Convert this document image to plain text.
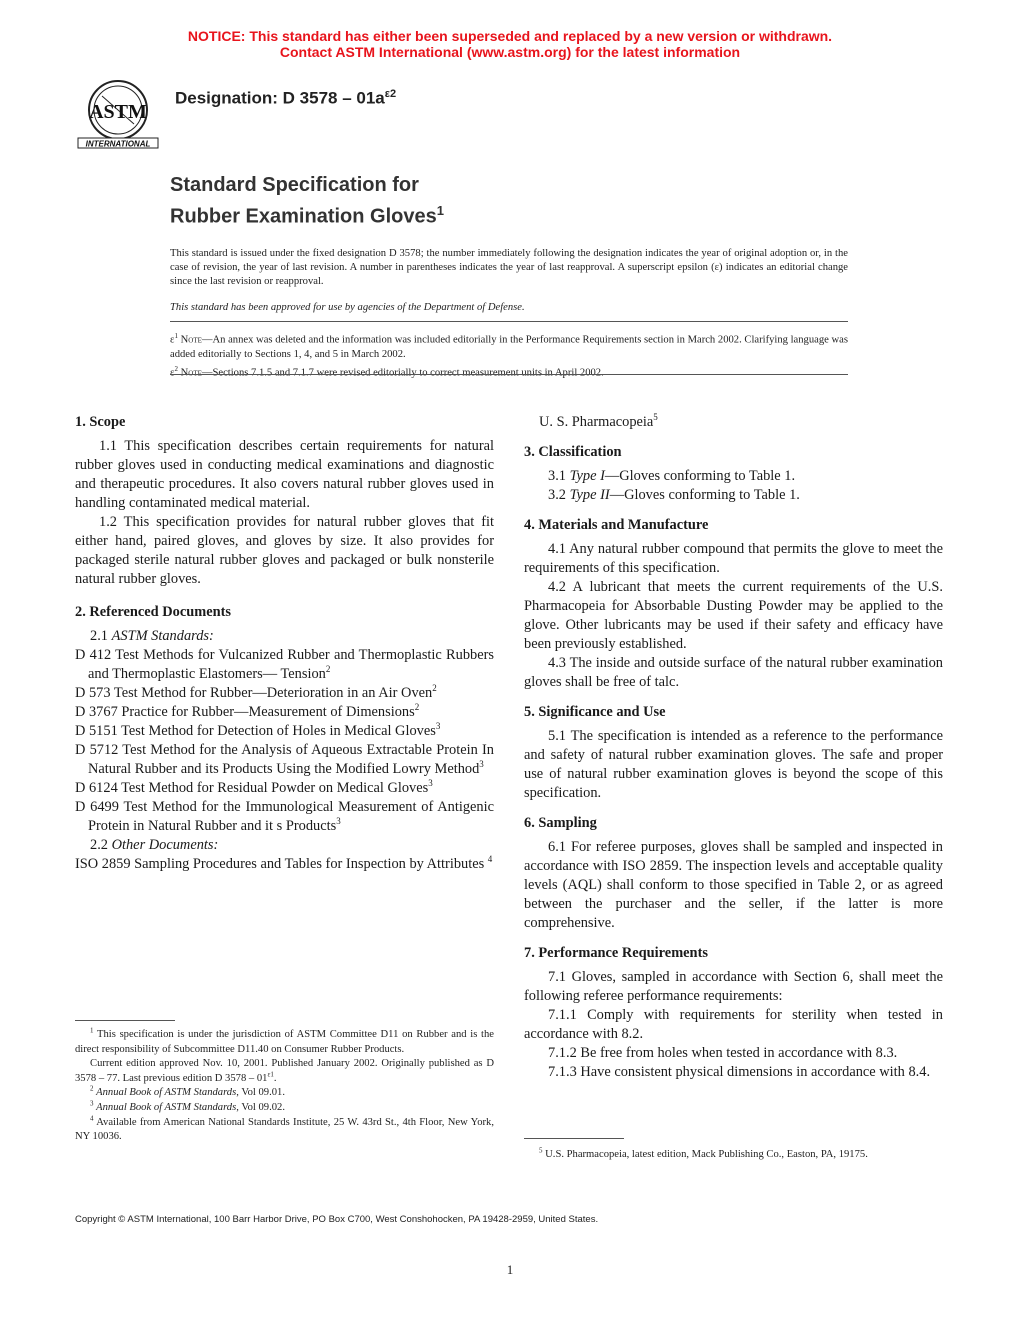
NOTICE: This standard has either been superseded and replaced by a new version or withdrawn.
Contact ASTM International (www.astm.org) for the latest information
ASTM
INTERNATIONAL
Designation: D $3578 - 01a^{\varepsilon 2}$
Standard Specification for
Rubber Examination Gloves$^1$
This standard is issued under the fixed designation D 3578; the number immediately following the designation indicates the year of original adoption or, in the case of revision, the year of last revision. A number in parentheses indicates the year of last reapproval. A superscript epsilon (ε) indicates an editorial change since the last revision or reapproval.
This standard has been approved for use by agencies of the Department of Defense.
$\varepsilon^1$ Note—An annex was deleted and the information was included editorially in the Performance Requirements section in March 2002. Clarifying language was added editorially to Sections 1, 4, and 5 in March 2002.
$\varepsilon^2$ Note—Sections 7.1.5 and 7.1.7 were revised editorially to correct measurement units in April 2002.

1. Scope

1.1 This specification describes certain requirements for natural rubber gloves used in conducting medical examinations and diagnostic and therapeutic procedures. It also covers natural rubber gloves used in handling contaminated medical material.

1.2 This specification provides for natural rubber gloves that fit either hand, paired gloves, and gloves by size. It also provides for packaged sterile natural rubber gloves and packaged or bulk nonsterile natural rubber gloves.

2. Referenced Documents

2.1 ASTM Standards:

D 412 Test Methods for Vulcanized Rubber and Thermoplastic Rubbers and Thermoplastic Elastomers— Tension$^2$

D 573 Test Method for Rubber—Deterioration in an Air Oven$^2$

D 3767 Practice for Rubber—Measurement of Dimensions$^2$

D 5151 Test Method for Detection of Holes in Medical Gloves$^3$

D 5712 Test Method for the Analysis of Aqueous Extractable Protein In Natural Rubber and its Products Using the Modified Lowry Method$^3$

D 6124 Test Method for Residual Powder on Medical Gloves$^3$

D 6499 Test Method for the Immunological Measurement of Antigenic Protein in Natural Rubber and it s Products$^3$

2.2 Other Documents:

ISO 2859 Sampling Procedures and Tables for Inspection by Attributes $^4$

U. S. Pharmacopeia$^5$

3. Classification

3.1 Type I—Gloves conforming to Table 1.

3.2 Type II—Gloves conforming to Table 1.

4. Materials and Manufacture

4.1 Any natural rubber compound that permits the glove to meet the requirements of this specification.

4.2 A lubricant that meets the current requirements of the U.S. Pharmacopeia for Absorbable Dusting Powder may be applied to the glove. Other lubricants may be used if their safety and efficacy have been previously established.

4.3 The inside and outside surface of the natural rubber examination gloves shall be free of talc.

5. Significance and Use

5.1 The specification is intended as a reference to the performance and safety of natural rubber examination gloves. The safe and proper use of natural rubber examination gloves is beyond the scope of this specification.

6. Sampling

6.1 For referee purposes, gloves shall be sampled and inspected in accordance with ISO 2859. The inspection levels and acceptable quality levels (AQL) shall conform to those specified in Table 2, or as agreed between the purchaser and the seller, if the latter is more comprehensive.

7. Performance Requirements

7.1 Gloves, sampled in accordance with Section 6, shall meet the following referee performance requirements:

7.1.1 Comply with requirements for sterility when tested in accordance with 8.2.

7.1.2 Be free from holes when tested in accordance with 8.3.

7.1.3 Have consistent physical dimensions in accordance with 8.4.

$^1$ This specification is under the jurisdiction of ASTM Committee D11 on Rubber and is the direct responsibility of Subcommittee D11.40 on Consumer Rubber Products.

Current edition approved Nov. 10, 2001. Published January 2002. Originally published as D 3578 – 77. Last previous edition D $3578 - 01^{\varepsilon 1}$.

$^2$ Annual Book of ASTM Standards, Vol 09.01.

$^3$ Annual Book of ASTM Standards, Vol 09.02.

$^4$ Available from American National Standards Institute, 25 W. 43rd St., 4th Floor, New York, NY 10036.

$^5$ U.S. Pharmacopeia, latest edition, Mack Publishing Co., Easton, PA, 19175.

Copyright © ASTM International, 100 Barr Harbor Drive, PO Box C700, West Conshohocken, PA 19428-2959, United States.
1
